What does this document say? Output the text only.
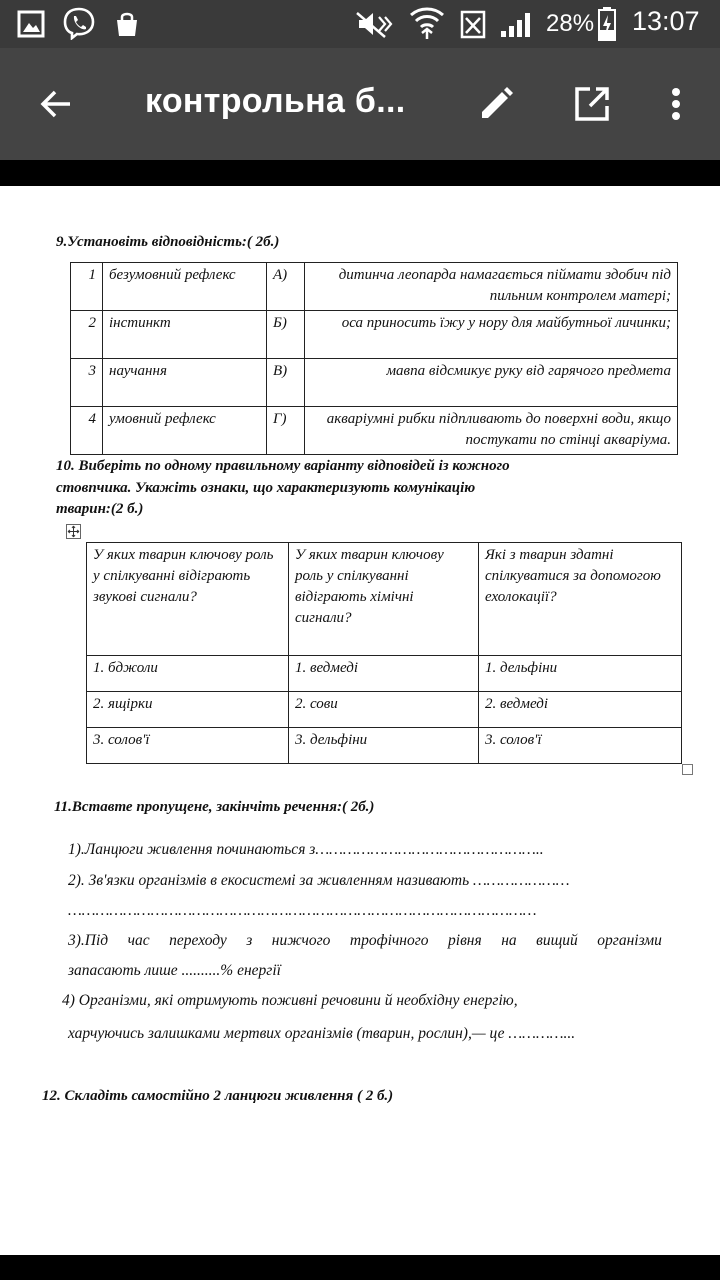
28% 13:07
контрольна б...
9.Установіть відповідність:( 2б.)
1	безумовний рефлекс	А)	дитинча леопарда намагається піймати здобич під пильним контролем матері;
2	інстинкт	Б)	оса приносить їжу у нору для майбутньої личинки;
3	научання	В)	мавпа відсмикує руку від гарячого предмета
4	умовний рефлекс	Г)	акваріумні рибки підпливають до поверхні води, якщо постукати по стінці акваріума.
10. Виберіть по одному правильному варіанту відповідей із кожного
стовпчика. Укажіть ознаки, що характеризують комунікацію
тварин:(2 б.)
У яких тварин ключову роль у спілкуванні відіграють звукові сигнали?	У яких тварин ключову роль у спілкуванні відіграють хімічні сигнали?	Які з тварин здатні спілкуватися за допомогою ехолокації?
1. бджоли	1. ведмеді	1. дельфіни
2. ящірки	2. сови	2. ведмеді
3. солов'ї	3. дельфіни	3. солов'ї
11.Вставте пропущене, закінчіть речення:( 2б.)
1).Ланцюги живлення починаються з…………………………………………..
2). Зв'язки організмів в екосистемі за живленням називають …………………
…………………………………………………………………………………………
3).Під час переходу з нижчого трофічного рівня на вищий організми
запасають лише ..........% енергії
4) Організми, які отримують поживні речовини й необхідну енергію,
харчуючись залишками мертвих організмів (тварин, рослин),— це …………...
12. Складіть самостійно 2 ланцюги живлення ( 2 б.)
